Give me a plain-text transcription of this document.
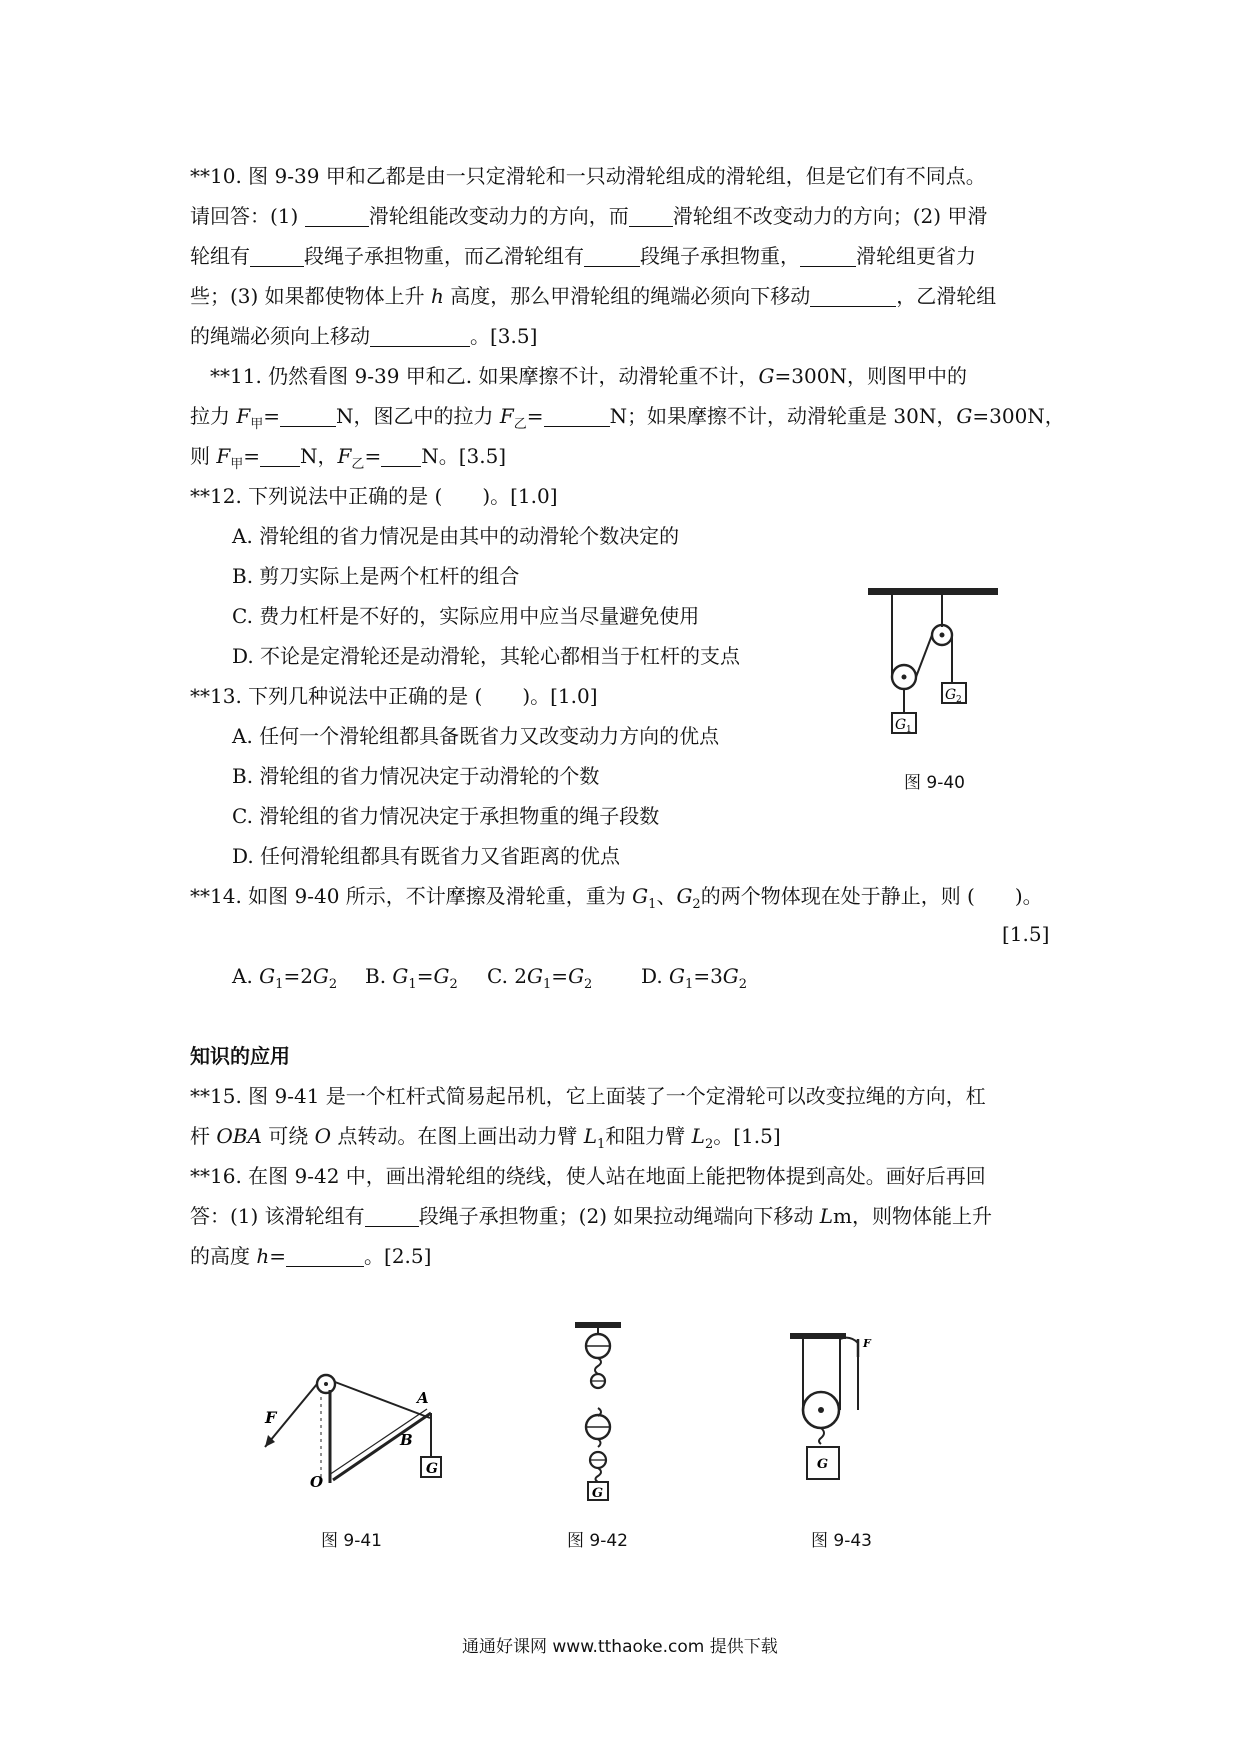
**10. 图 9-39 甲和乙都是由一只定滑轮和一只动滑轮组成的滑轮组，但是它们有不同点。
请回答：(1)	滑轮组能改变动力的方向，而 滑轮组不改变动力的方向；(2) 甲滑
轮组有	段绳子承担物重，而乙滑轮组有	段绳子承担物重，	滑轮组更省力
些；(3) 如果都使物体上升 h 高度，那么甲滑轮组的绳端必须向下移动	，乙滑轮组
的绳端必须向上移动	。[3.5]
**11. 仍然看图 9-39 甲和乙. 如果摩擦不计，动滑轮重不计，G=300N，则图甲中的
拉力 $F_甲=$	N，图乙中的拉力 $F_乙=$	N；如果摩擦不计，动滑轮重是 30N，G=300N，
则 $F_甲= N$，$F_乙= N$。[3.5]
**12. 下列说法中正确的是 (　　)。[1.0]
A. 滑轮组的省力情况是由其中的动滑轮个数决定的
B. 剪刀实际上是两个杠杆的组合
C. 费力杠杆是不好的，实际应用中应当尽量避免使用
D. 不论是定滑轮还是动滑轮，其轮心都相当于杠杆的支点
**13. 下列几种说法中正确的是 (　　)。[1.0]
A. 任何一个滑轮组都具备既省力又改变动力方向的优点
B. 滑轮组的省力情况决定于动滑轮的个数
C. 滑轮组的省力情况决定于承担物重的绳子段数
D. 任何滑轮组都具有既省力又省距离的优点
**14. 如图 9-40 所示，不计摩擦及滑轮重，重为 $G_1$、$G_2$的两个物体现在处于静止，则 (　　)。
[1.5]
A. $G_1=2G_2$ B. $G_1=G_2$ C. $2G_1=G_2$ D. $G_1=3G_2$
知识的应用
**15. 图 9-41 是一个杠杆式简易起吊机，它上面装了一个定滑轮可以改变拉绳的方向，杠
杆 OBA 可绕 O 点转动。在图上画出动力臂 $L_1$和阻力臂 $L_2$。[1.5]
**16. 在图 9-42 中，画出滑轮组的绕线，使人站在地面上能把物体提到高处。画好后再回
答：(1) 该滑轮组有	段绳子承担物重；(2) 如果拉动绳端向下移动 Lm，则物体能上升
的高度 h=	。[2.5]
G 2
G 1
图 9-40
G
F
A
B
O
图 9-41
G
图 9-42
F
G
图 9-43
通通好课网 www.tthaoke.com 提供下载
